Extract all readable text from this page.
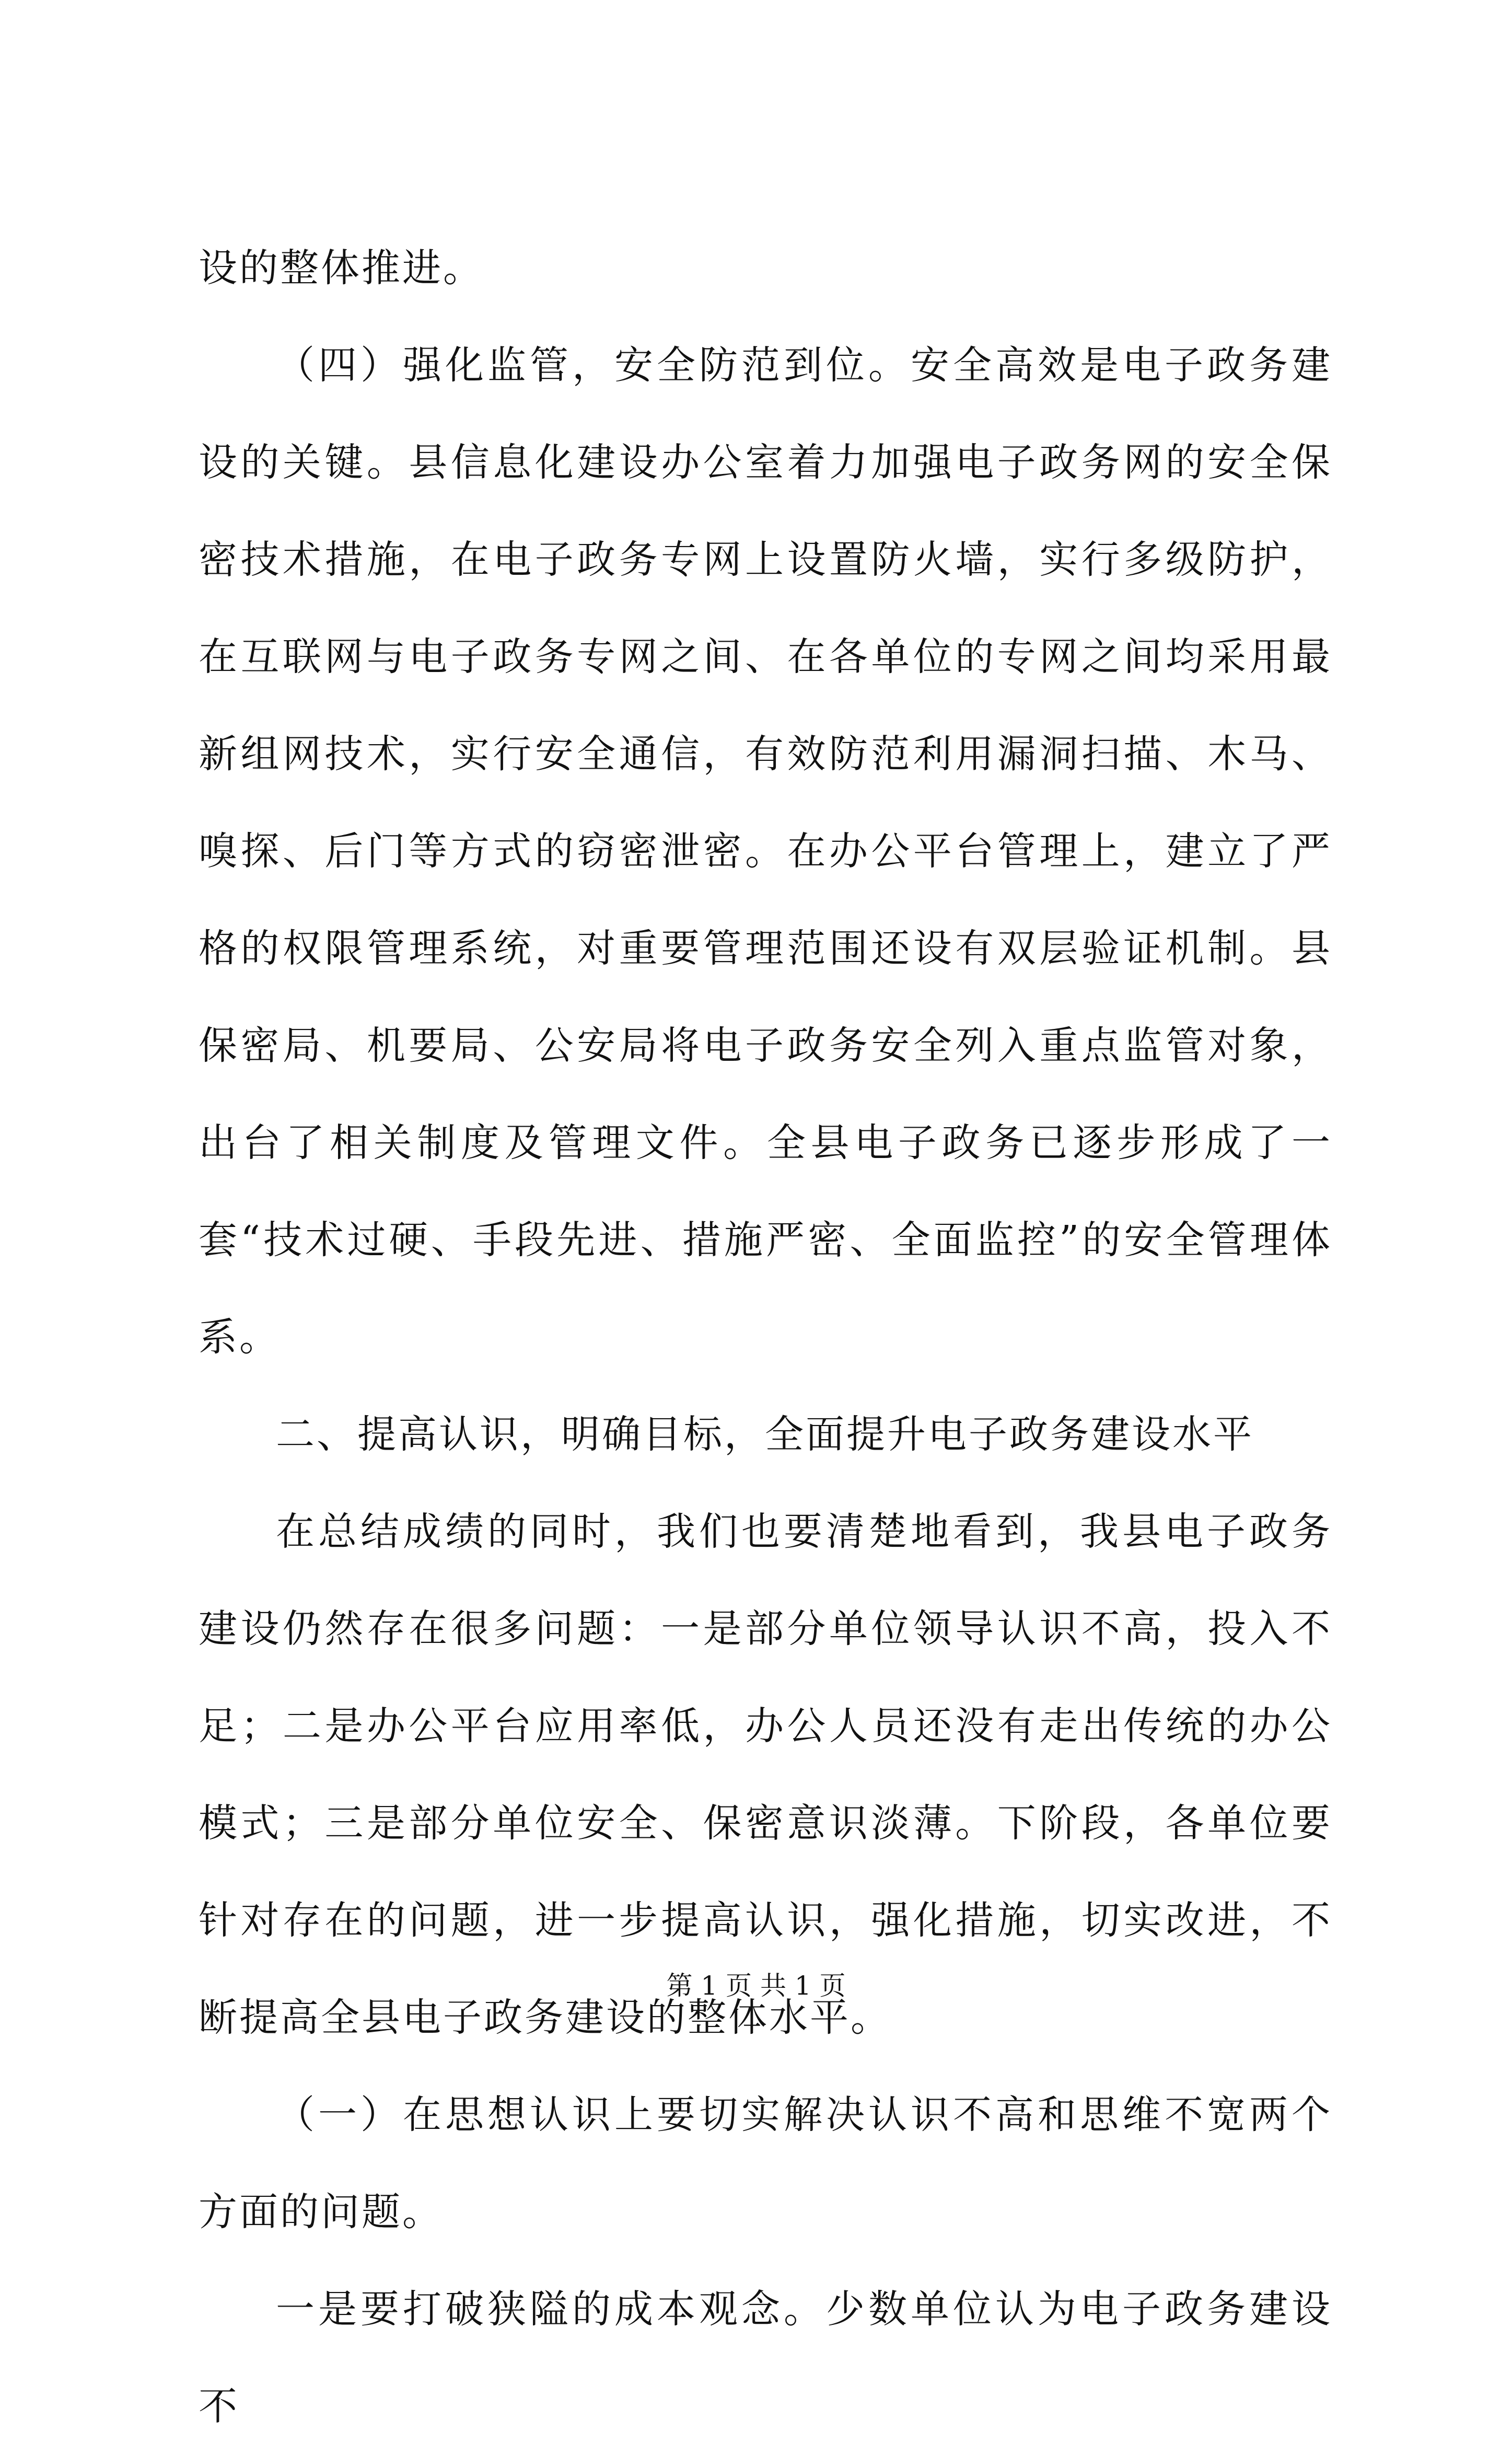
设的整体推进。

（四）强化监管，安全防范到位。安全高效是电子政务建设的关键。县信息化建设办公室着力加强电子政务网的安全保密技术措施，在电子政务专网上设置防火墙，实行多级防护，在互联网与电子政务专网之间、在各单位的专网之间均采用最新组网技术，实行安全通信，有效防范利用漏洞扫描、木马、嗅探、后门等方式的窃密泄密。在办公平台管理上，建立了严格的权限管理系统，对重要管理范围还设有双层验证机制。县保密局、机要局、公安局将电子政务安全列入重点监管对象，出台了相关制度及管理文件。全县电子政务已逐步形成了一套“技术过硬、手段先进、措施严密、全面监控”的安全管理体系。

二、提高认识，明确目标，全面提升电子政务建设水平

在总结成绩的同时，我们也要清楚地看到，我县电子政务建设仍然存在很多问题：一是部分单位领导认识不高，投入不足；二是办公平台应用率低，办公人员还没有走出传统的办公模式；三是部分单位安全、保密意识淡薄。下阶段，各单位要针对存在的问题，进一步提高认识，强化措施，切实改进，不断提高全县电子政务建设的整体水平。

（一）在思想认识上要切实解决认识不高和思维不宽两个方面的问题。

一是要打破狭隘的成本观念。少数单位认为电子政务建设不

第 1 页 共 1 页
